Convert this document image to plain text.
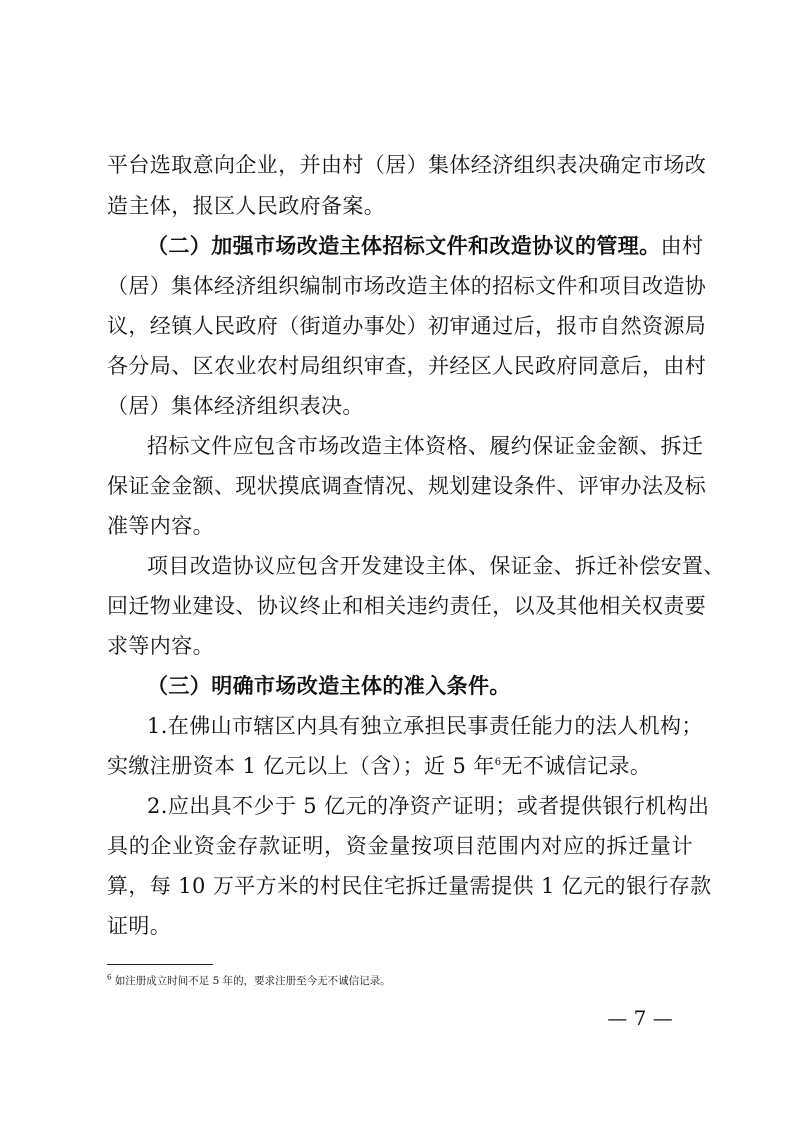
平台选取意向企业，并由村（居）集体经济组织表决确定市场改
造主体，报区人民政府备案。
（二）加强市场改造主体招标文件和改造协议的管理。由村
（居）集体经济组织编制市场改造主体的招标文件和项目改造协
议，经镇人民政府（街道办事处）初审通过后，报市自然资源局
各分局、区农业农村局组织审查，并经区人民政府同意后，由村
（居）集体经济组织表决。
招标文件应包含市场改造主体资格、履约保证金金额、拆迁
保证金金额、现状摸底调查情况、规划建设条件、评审办法及标
准等内容。
项目改造协议应包含开发建设主体、保证金、拆迁补偿安置、
回迁物业建设、协议终止和相关违约责任，以及其他相关权责要
求等内容。
（三）明确市场改造主体的准入条件。
1.在佛山市辖区内具有独立承担民事责任能力的法人机构；
实缴注册资本 1 亿元以上（含）；近 5 年$^6$无不诚信记录。
2.应出具不少于 5 亿元的净资产证明；或者提供银行机构出
具的企业资金存款证明，资金量按项目范围内对应的拆迁量计
算，每 10 万平方米的村民住宅拆迁量需提供 1 亿元的银行存款
证明。
$^6$ 如注册成立时间不足 5 年的，要求注册至今无不诚信记录。
— 7 —
